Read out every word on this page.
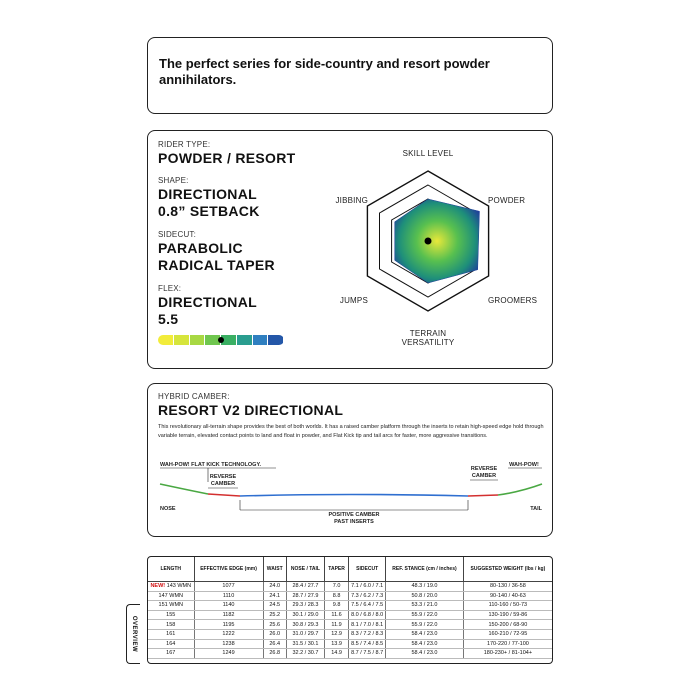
The perfect series for side-country and resort powder annihilators.
RIDER TYPE:
POWDER / RESORT
SHAPE:
DIRECTIONAL
0.8” SETBACK
SIDECUT:
PARABOLIC
RADICAL TAPER
FLEX:
DIRECTIONAL
5.5
SKILL LEVEL
POWDER
GROOMERS
TERRAIN
VERSATILITY
JUMPS
JIBBING
HYBRID CAMBER:
RESORT V2 DIRECTIONAL
This revolutionary all-terrain shape provides the best of both worlds. It has a raised camber platform through the inserts to retain high-speed edge hold through variable terrain, elevated contact points to land and float in powder, and Flat Kick tip and tail arcs for faster, more aggressive transitions.
WAH-POW! FLAT KICK TECHNOLOGY.
REVERSE
CAMBER
REVERSE
CAMBER
WAH-POW!
NOSE	TAIL
POSITIVE CAMBER
PAST INSERTS
OVERVIEW
LENGTH	EFFECTIVE EDGE (mm)	WAIST	NOSE / TAIL	TAPER	SIDECUT	REF. STANCE (cm / inches)	SUGGESTED WEIGHT (lbs / kg)
NEW! 143 WMN	1077	24.0	28.4 / 27.7	7.0	7.1 / 6.0 / 7.1	48.3 / 19.0	80-130 / 36-58
147 WMN	1110	24.1	28.7 / 27.9	8.8	7.3 / 6.2 / 7.3	50.8 / 20.0	90-140 / 40-63
151 WMN	1140	24.5	29.3 / 28.3	9.8	7.5 / 6.4 / 7.5	53.3 / 21.0	110-160 / 50-73
155	1182	25.2	30.1 / 29.0	11.6	8.0 / 6.8 / 8.0	55.9 / 22.0	130-190 / 59-86
158	1195	25.6	30.8 / 29.3	11.9	8.1 / 7.0 / 8.1	55.9 / 22.0	150-200 / 68-90
161	1222	26.0	31.0 / 29.7	12.9	8.3 / 7.2 / 8.3	58.4 / 23.0	160-210 / 72-95
164	1238	26.4	31.5 / 30.1	13.9	8.5 / 7.4 / 8.5	58.4 / 23.0	170-220 / 77-100
167	1249	26.8	32.2 / 30.7	14.9	8.7 / 7.5 / 8.7	58.4 / 23.0	180-230+ / 81-104+
